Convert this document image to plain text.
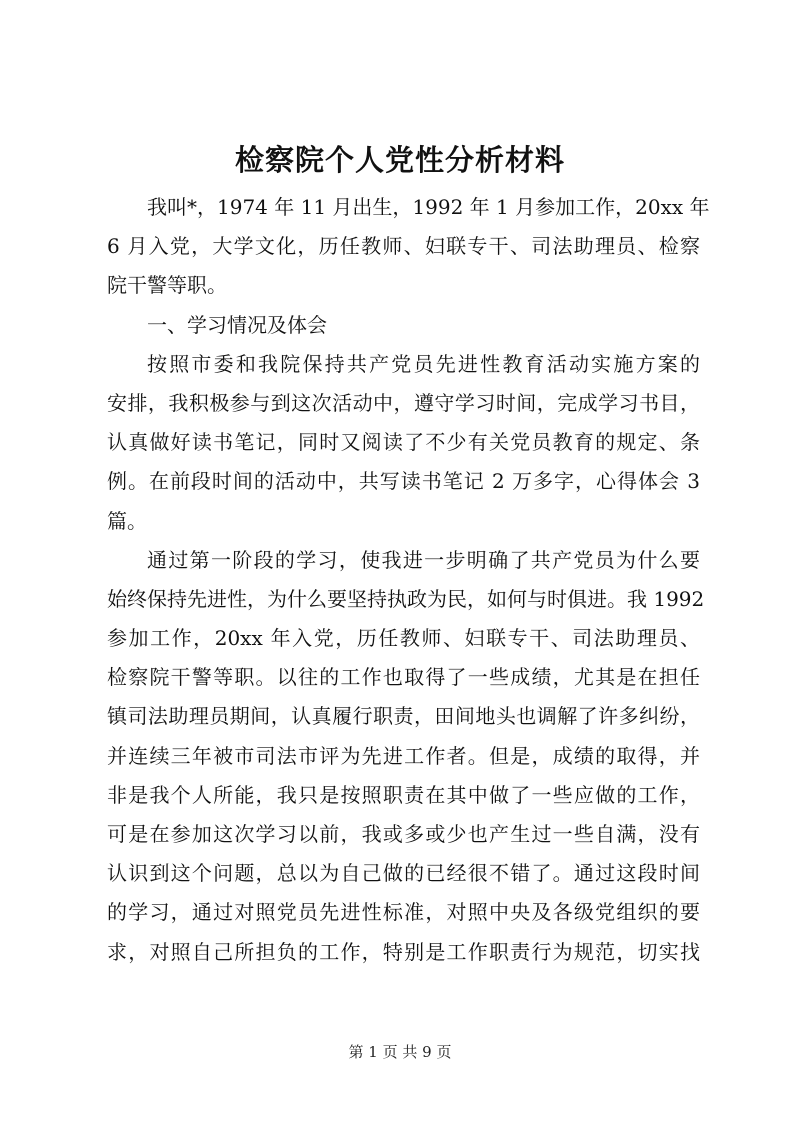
检察院个人党性分析材料
我叫*，1974 年 11 月出生，1992 年 1 月参加工作，20xx 年
6 月入党，大学文化，历任教师、妇联专干、司法助理员、检察
院干警等职。
一、学习情况及体会
按照市委和我院保持共产党员先进性教育活动实施方案的
安排，我积极参与到这次活动中，遵守学习时间，完成学习书目，
认真做好读书笔记，同时又阅读了不少有关党员教育的规定、条
例。在前段时间的活动中，共写读书笔记 2 万多字，心得体会 3
篇。
通过第一阶段的学习，使我进一步明确了共产党员为什么要
始终保持先进性，为什么要坚持执政为民，如何与时俱进。我 1992
参加工作，20xx 年入党，历任教师、妇联专干、司法助理员、
检察院干警等职。以往的工作也取得了一些成绩，尤其是在担任
镇司法助理员期间，认真履行职责，田间地头也调解了许多纠纷，
并连续三年被市司法市评为先进工作者。但是，成绩的取得，并
非是我个人所能，我只是按照职责在其中做了一些应做的工作，
可是在参加这次学习以前，我或多或少也产生过一些自满，没有
认识到这个问题，总以为自己做的已经很不错了。通过这段时间
的学习，通过对照党员先进性标准，对照中央及各级党组织的要
求，对照自己所担负的工作，特别是工作职责行为规范，切实找
第 1 页 共 9 页
